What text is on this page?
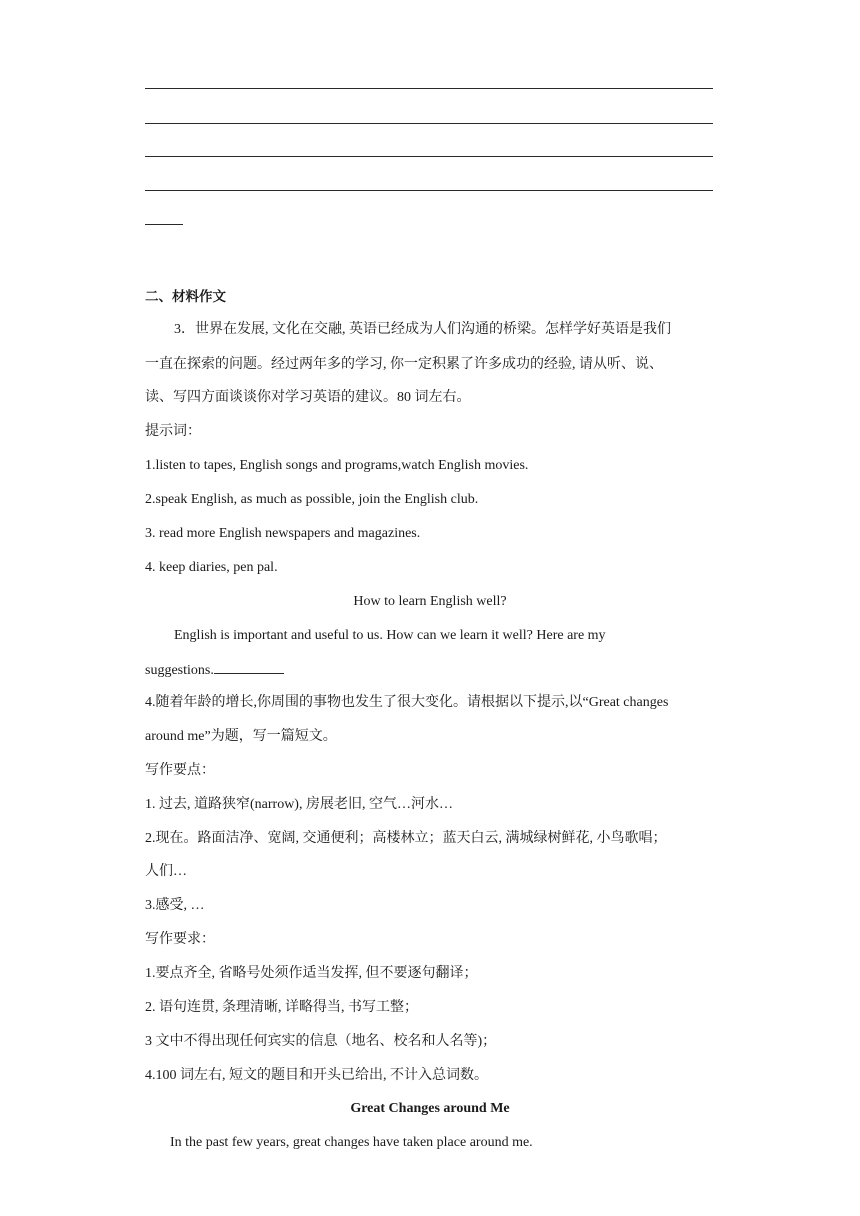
二、材料作文
3．世界在发展, 文化在交融, 英语已经成为人们沟通的桥梁。怎样学好英语是我们
一直在探索的问题。经过两年多的学习, 你一定积累了许多成功的经验, 请从听、说、
读、写四方面谈谈你对学习英语的建议。80 词左右。
提示词：
1.listen to tapes, English songs and programs,watch English movies.
2.speak English, as much as possible, join the English club.
3. read more English newspapers and magazines.
4. keep diaries, pen pal.
How to learn English well?
English is important and useful to us. How can we learn it well? Here are my
suggestions.
4.随着年龄的增长,你周围的事物也发生了很大变化。请根据以下提示,以“Great changes
around me”为题，写一篇短文。
写作要点：
1. 过去, 道路狭窄(narrow), 房展老旧, 空气…河水…
2.现在。路面洁净、宽阔, 交通便利；高楼林立；蓝天白云, 满城绿树鲜花, 小鸟歌唱；
人们…
3.感受, …
写作要求：
1.要点齐全, 省略号处须作适当发挥, 但不要逐句翻译；
2. 语句连贯, 条理清晰, 详略得当, 书写工整；
3 文中不得出现任何宾实的信息（地名、校名和人名等)；
4.100 词左右, 短文的题目和开头已给出, 不计入总词数。
Great Changes around Me
In the past few years, great changes have taken place around me.
